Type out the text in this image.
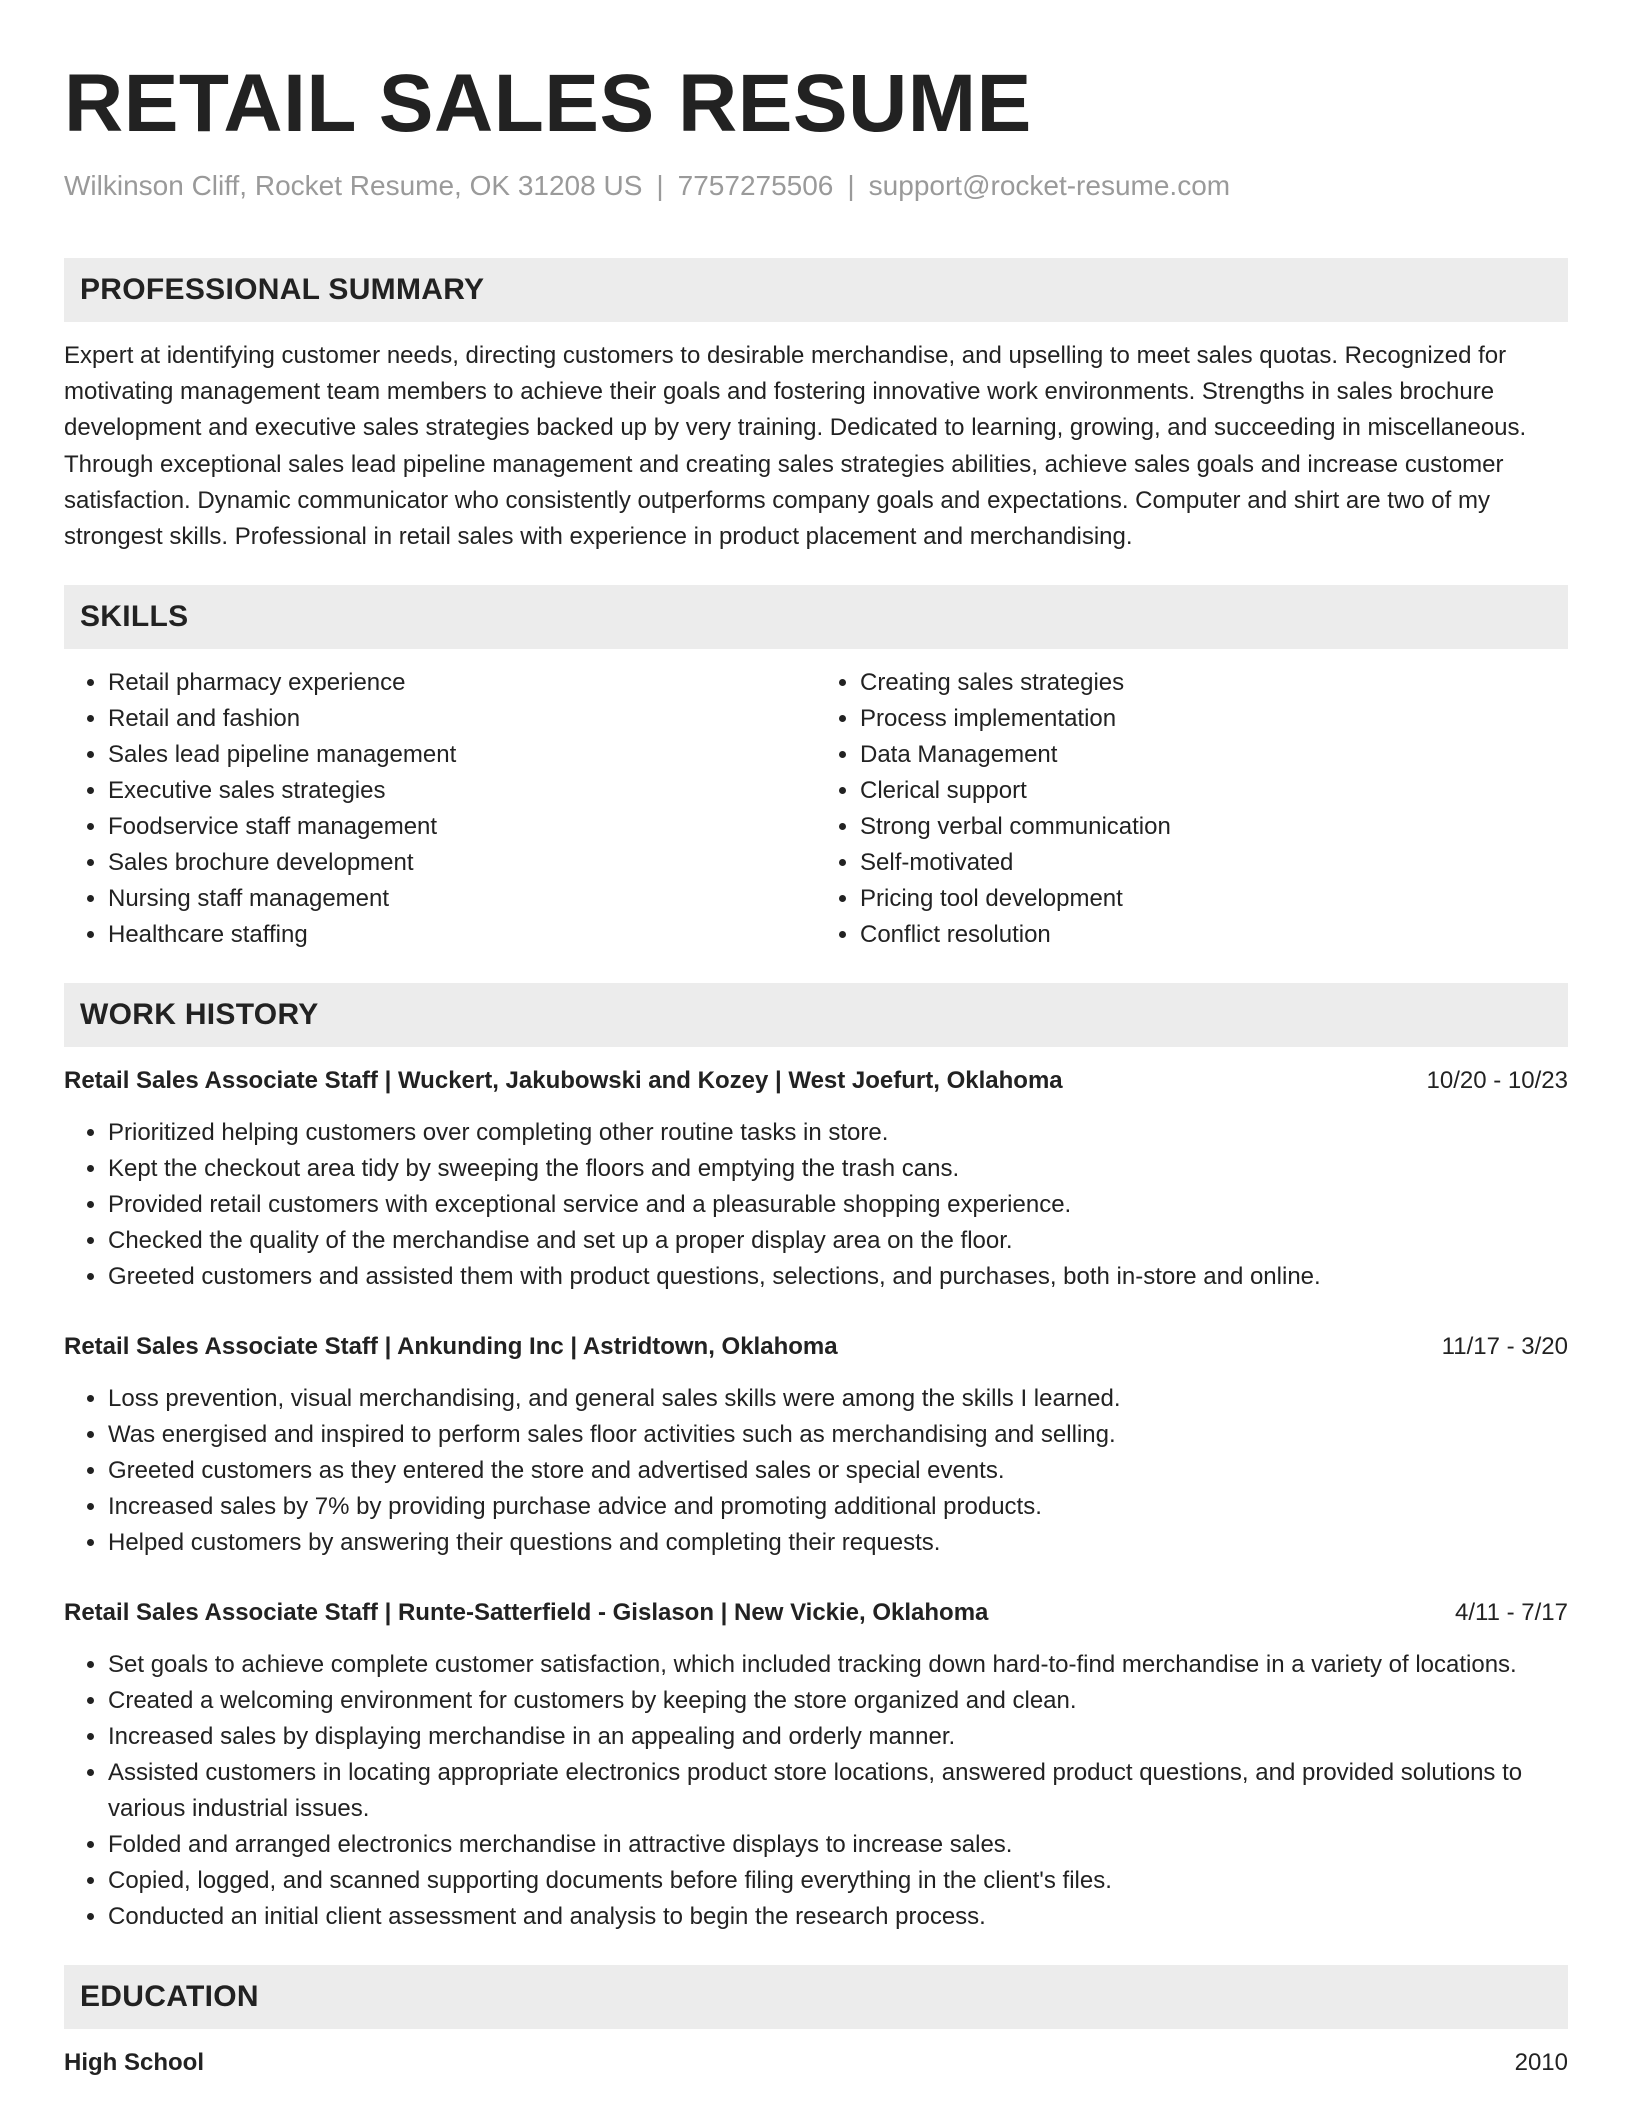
RETAIL SALES RESUME
Wilkinson Cliff, Rocket Resume, OK 31208 US | 7757275506 | support@rocket-resume.com
PROFESSIONAL SUMMARY
Expert at identifying customer needs, directing customers to desirable merchandise, and upselling to meet sales quotas. Recognized for motivating management team members to achieve their goals and fostering innovative work environments. Strengths in sales brochure development and executive sales strategies backed up by very training. Dedicated to learning, growing, and succeeding in miscellaneous. Through exceptional sales lead pipeline management and creating sales strategies abilities, achieve sales goals and increase customer satisfaction. Dynamic communicator who consistently outperforms company goals and expectations. Computer and shirt are two of my strongest skills. Professional in retail sales with experience in product placement and merchandising.
SKILLS
• Retail pharmacy experience
• Retail and fashion
• Sales lead pipeline management
• Executive sales strategies
• Foodservice staff management
• Sales brochure development
• Nursing staff management
• Healthcare staffing
• Creating sales strategies
• Process implementation
• Data Management
• Clerical support
• Strong verbal communication
• Self-motivated
• Pricing tool development
• Conflict resolution
WORK HISTORY
Retail Sales Associate Staff | Wuckert, Jakubowski and Kozey | West Joefurt, Oklahoma	10/20 - 10/23
• Prioritized helping customers over completing other routine tasks in store.
• Kept the checkout area tidy by sweeping the floors and emptying the trash cans.
• Provided retail customers with exceptional service and a pleasurable shopping experience.
• Checked the quality of the merchandise and set up a proper display area on the floor.
• Greeted customers and assisted them with product questions, selections, and purchases, both in-store and online.
Retail Sales Associate Staff | Ankunding Inc | Astridtown, Oklahoma	11/17 - 3/20
• Loss prevention, visual merchandising, and general sales skills were among the skills I learned.
• Was energised and inspired to perform sales floor activities such as merchandising and selling.
• Greeted customers as they entered the store and advertised sales or special events.
• Increased sales by 7% by providing purchase advice and promoting additional products.
• Helped customers by answering their questions and completing their requests.
Retail Sales Associate Staff | Runte-Satterfield - Gislason | New Vickie, Oklahoma	4/11 - 7/17
• Set goals to achieve complete customer satisfaction, which included tracking down hard-to-find merchandise in a variety of locations.
• Created a welcoming environment for customers by keeping the store organized and clean.
• Increased sales by displaying merchandise in an appealing and orderly manner.
• Assisted customers in locating appropriate electronics product store locations, answered product questions, and provided solutions to various industrial issues.
• Folded and arranged electronics merchandise in attractive displays to increase sales.
• Copied, logged, and scanned supporting documents before filing everything in the client's files.
• Conducted an initial client assessment and analysis to begin the research process.
EDUCATION
High School	2010
